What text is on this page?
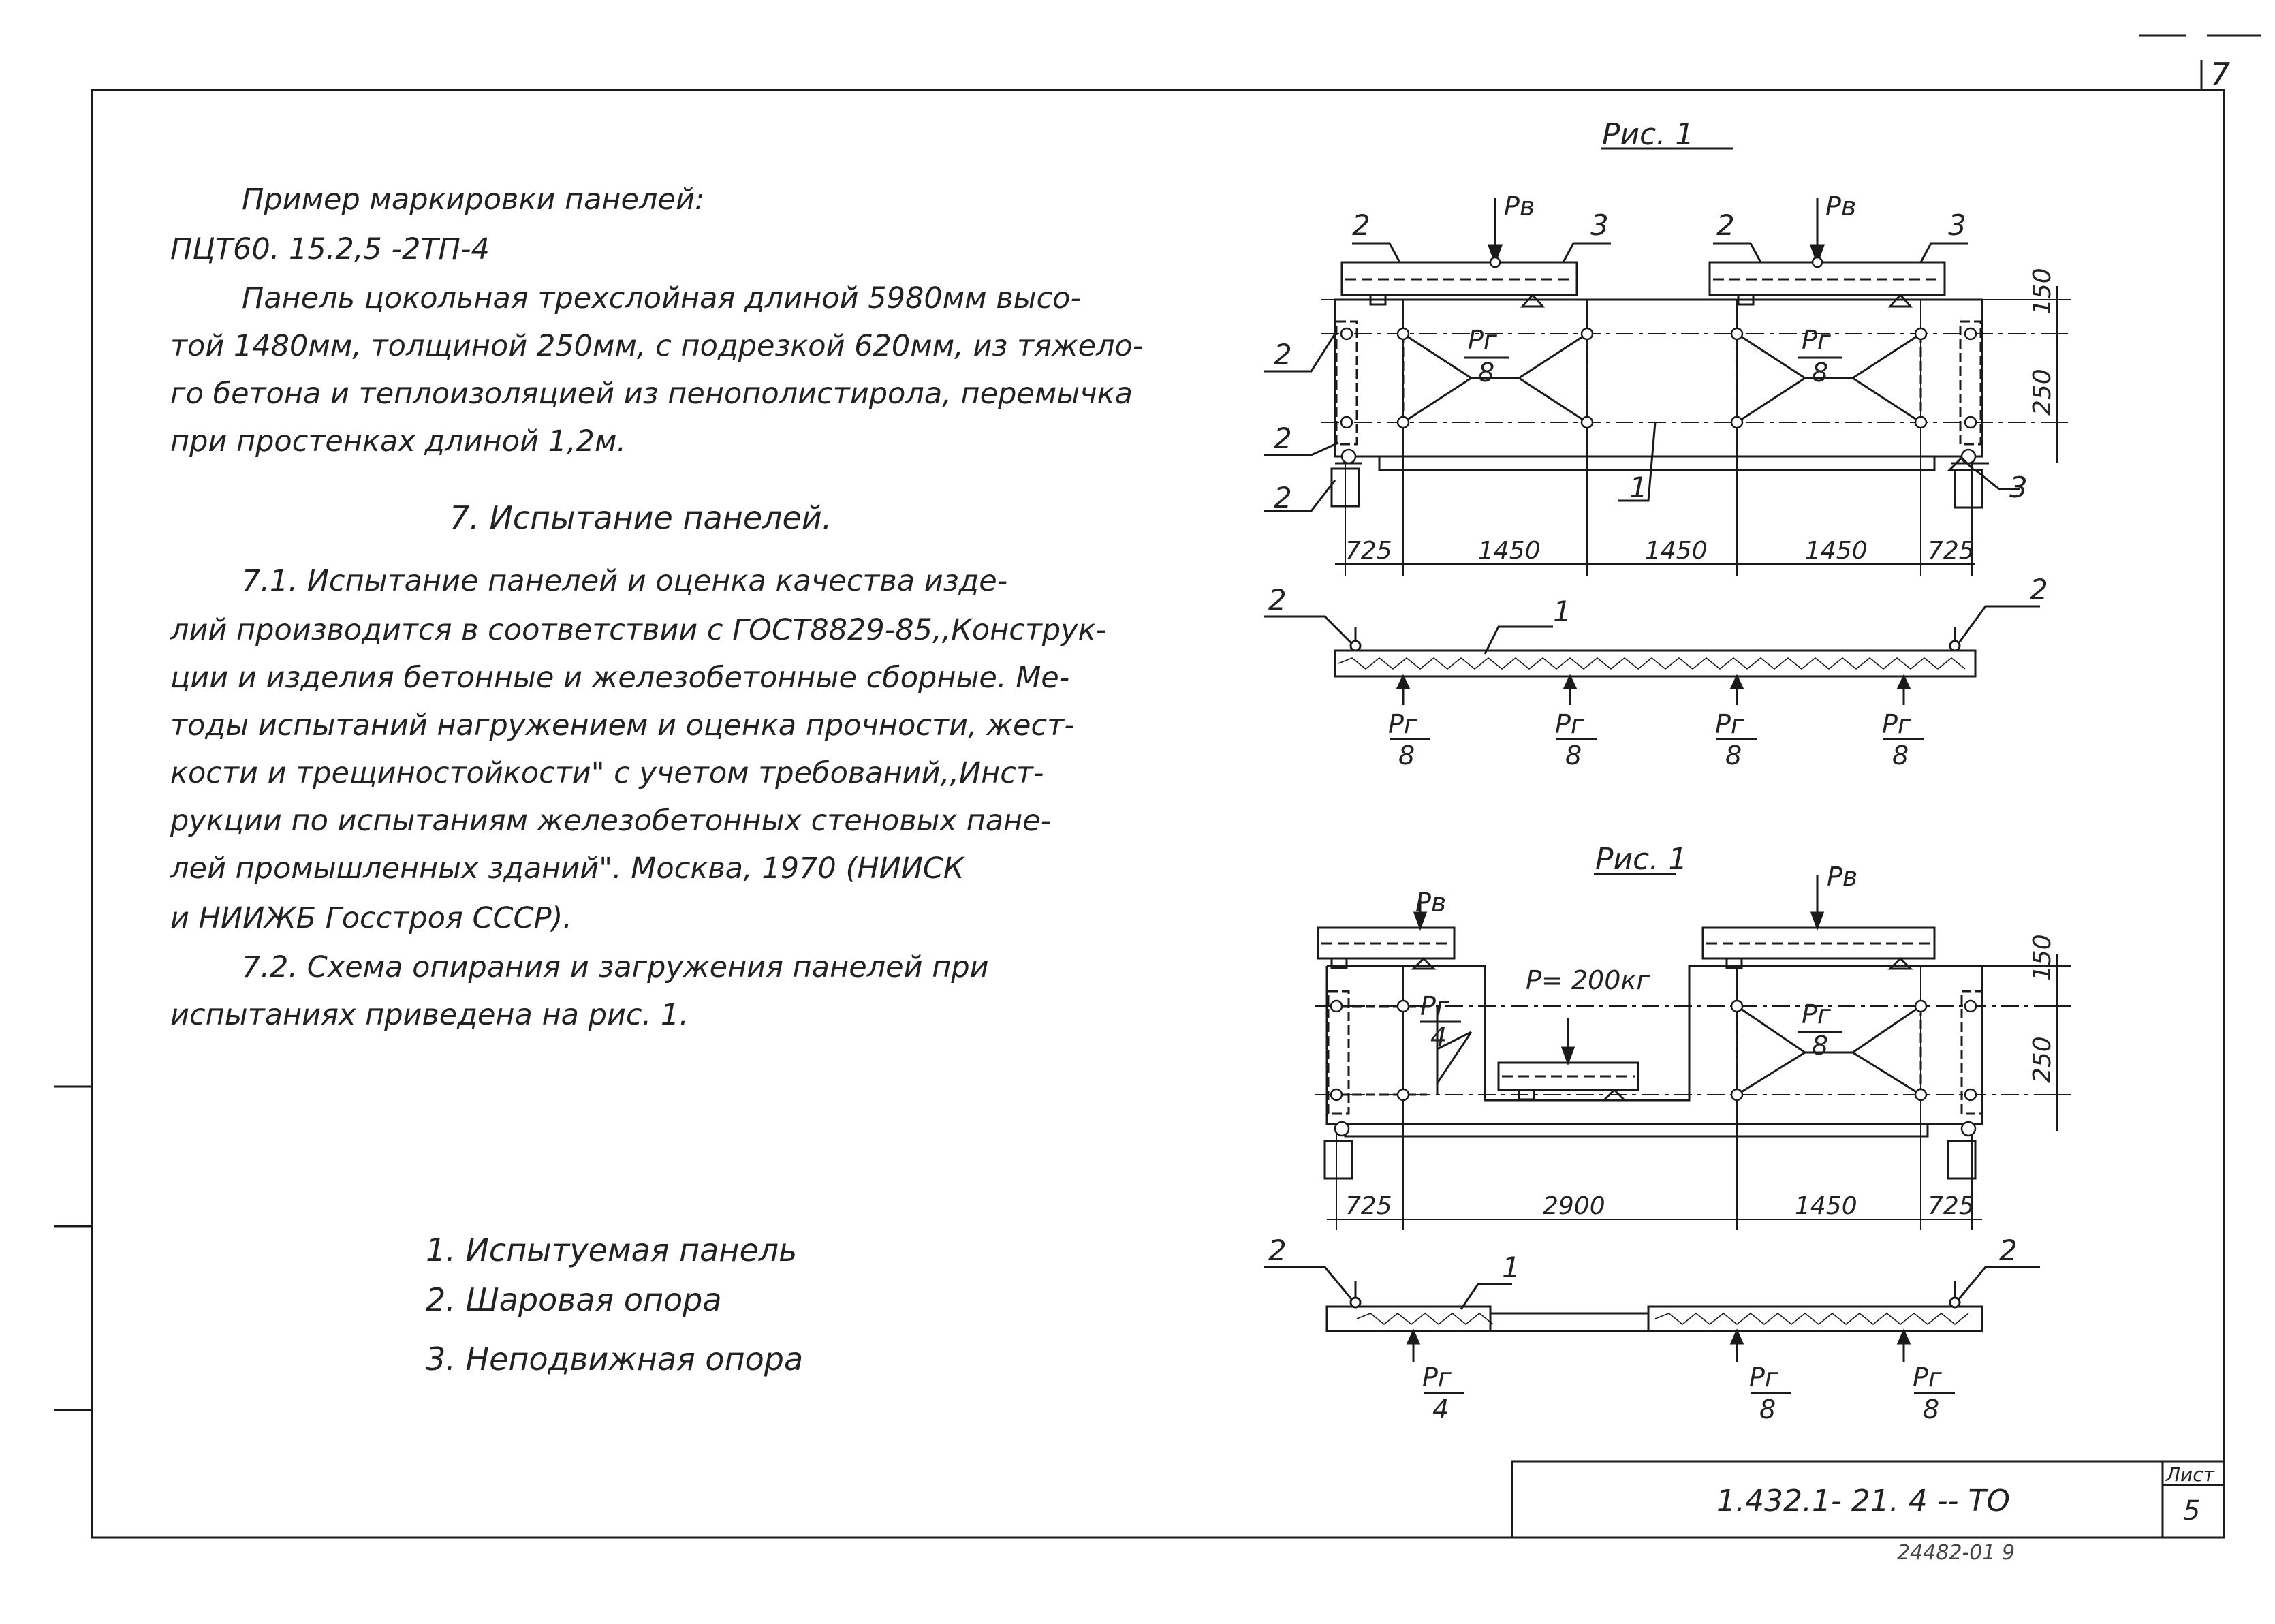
7
Пример маркировки панелей:
ПЦТ60. 15.2,5 -2ТП-4
Панель цокольная трехслойная длиной 5980мм высо-
той 1480мм, толщиной 250мм, с подрезкой 620мм, из тяжело-
го бетона и теплоизоляцией из пенополистирола, перемычка
при простенках длиной 1,2м.
7. Испытание панелей.
7.1. Испытание панелей и оценка качества изде-
лий производится в соответствии с ГОСТ8829-85,,Конструк-
ции и изделия бетонные и железобетонные сборные. Ме-
тоды испытаний нагружением и оценка прочности, жест-
кости и трещиностойкости" с учетом требований,,Инст-
рукции по испытаниям железобетонных стеновых пане-
лей промышленных зданий". Москва, 1970 (НИИСК
и НИИЖБ Госстроя СССР).
7.2. Схема опирания и загружения панелей при
испытаниях приведена на рис. 1.
1. Испытуемая панель
2. Шаровая опора
3. Неподвижная опора
Рис. 1
Рис. 1
Рв	Рв
Рв
Рв
Рг
8
Рг
8
Рг
4
Рг
8
Р= 200кг
Рг
8
Рг
8
Рг
8
Рг
8
Рг
4
Рг
8
Рг
8
725	1450	1450	1450 725
725	2900	1450	725
150
250
150
250
2	3	2	3
2
2
2	3
1
2	2
1
2	2
1
1.432.1- 21. 4 -- ТО
Лист
5
24482-01 9
